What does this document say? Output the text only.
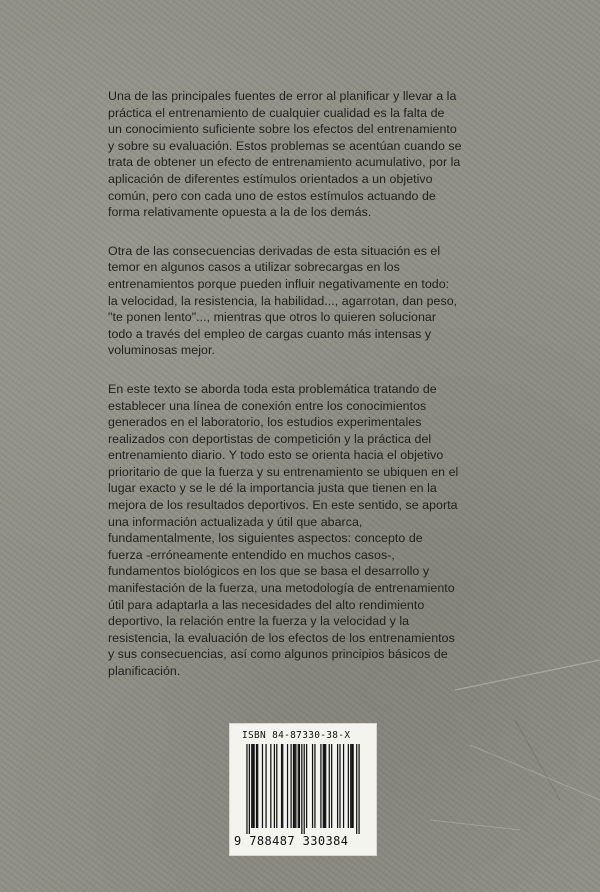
Una de las principales fuentes de error al planificar y llevar a la
práctica el entrenamiento de cualquier cualidad es la falta de
un conocimiento suficiente sobre los efectos del entrenamiento
y sobre su evaluación. Estos problemas se acentúan cuando se
trata de obtener un efecto de entrenamiento acumulativo, por la
aplicación de diferentes estímulos orientados a un objetivo
común, pero con cada uno de estos estímulos actuando de
forma relativamente opuesta a la de los demás.

Otra de las consecuencias derivadas de esta situación es el
temor en algunos casos a utilizar sobrecargas en los
entrenamientos porque pueden influir negativamente en todo:
la velocidad, la resistencia, la habilidad..., agarrotan, dan peso,
"te ponen lento"..., mientras que otros lo quieren solucionar
todo a través del empleo de cargas cuanto más intensas y
voluminosas mejor.

En este texto se aborda toda esta problemática tratando de
establecer una línea de conexión entre los conocimientos
generados en el laboratorio, los estudios experimentales
realizados con deportistas de competición y la práctica del
entrenamiento diario. Y todo esto se orienta hacia el objetivo
prioritario de que la fuerza y su entrenamiento se ubiquen en el
lugar exacto y se le dé la importancia justa que tienen en la
mejora de los resultados deportivos. En este sentido, se aporta
una información actualizada y útil que abarca,
fundamentalmente, los siguientes aspectos: concepto de
fuerza -erróneamente entendido en muchos casos-,
fundamentos biológicos en los que se basa el desarrollo y
manifestación de la fuerza, una metodología de entrenamiento
útil para adaptarla a las necesidades del alto rendimiento
deportivo, la relación entre la fuerza y la velocidad y la
resistencia, la evaluación de los efectos de los entrenamientos
y sus consecuencias, así como algunos principios básicos de
planificación.

ISBN 84-87330-38-X
9 788487 330384
